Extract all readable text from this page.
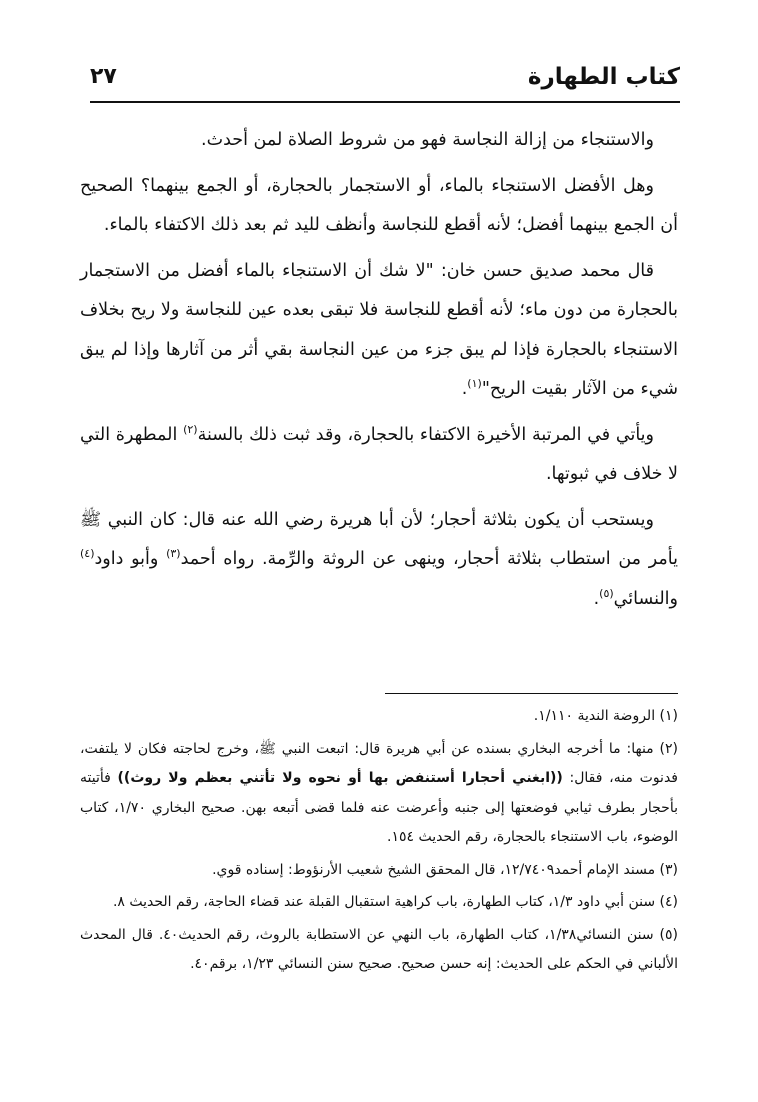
كتاب الطهارة
٢٧

والاستنجاء من إزالة النجاسة فهو من شروط الصلاة لمن أحدث.

وهل الأفضل الاستنجاء بالماء، أو الاستجمار بالحجارة، أو الجمع بينهما؟ الصحيح أن الجمع بينهما أفضل؛ لأنه أقطع للنجاسة وأنظف لليد ثم بعد ذلك الاكتفاء بالماء.

قال محمد صديق حسن خان: "لا شك أن الاستنجاء بالماء أفضل من الاستجمار بالحجارة من دون ماء؛ لأنه أقطع للنجاسة فلا تبقى بعده عين للنجاسة ولا ريح بخلاف الاستنجاء بالحجارة فإذا لم يبق جزء من عين النجاسة بقي أثر من آثارها وإذا لم يبق شيء من الآثار بقيت الريح"$^{(١)}$.

ويأتي في المرتبة الأخيرة الاكتفاء بالحجارة، وقد ثبت ذلك بالسنة$^{(٢)}$ المطهرة التي لا خلاف في ثبوتها.

ويستحب أن يكون بثلاثة أحجار؛ لأن أبا هريرة رضي الله عنه قال: كان النبي ﷺ يأمر من استطاب بثلاثة أحجار، وينهى عن الروثة والرِّمة. رواه أحمد$^{(٣)}$ وأبو داود$^{(٤)}$ والنسائي$^{(٥)}$.

(١) الروضة الندية ١/١١٠.
(٢) منها: ما أخرجه البخاري بسنده عن أبي هريرة قال: اتبعت النبي ﷺ، وخرج لحاجته فكان لا يلتفت، فدنوت منه، فقال: ((ابغني أحجارا أستنفض بها أو نحوه ولا تأتني بعظم ولا روث)) فأتيته بأحجار بطرف ثيابي فوضعتها إلى جنبه وأعرضت عنه فلما قضى أتبعه بهن. صحيح البخاري ١/٧٠، كتاب الوضوء، باب الاستنجاء بالحجارة، رقم الحديث ١٥٤.
(٣) مسند الإمام أحمد١٢/٧٤٠٩، قال المحقق الشيخ شعيب الأرنؤوط: إسناده قوي.
(٤) سنن أبي داود ١/٣، كتاب الطهارة، باب كراهية استقبال القبلة عند قضاء الحاجة، رقم الحديث ٨.
(٥) سنن النسائي١/٣٨، كتاب الطهارة، باب النهي عن الاستطابة بالروث، رقم الحديث٤٠. قال المحدث الألباني في الحكم على الحديث: إنه حسن صحيح. صحيح سنن النسائي ١/٢٣، برقم٤٠.
